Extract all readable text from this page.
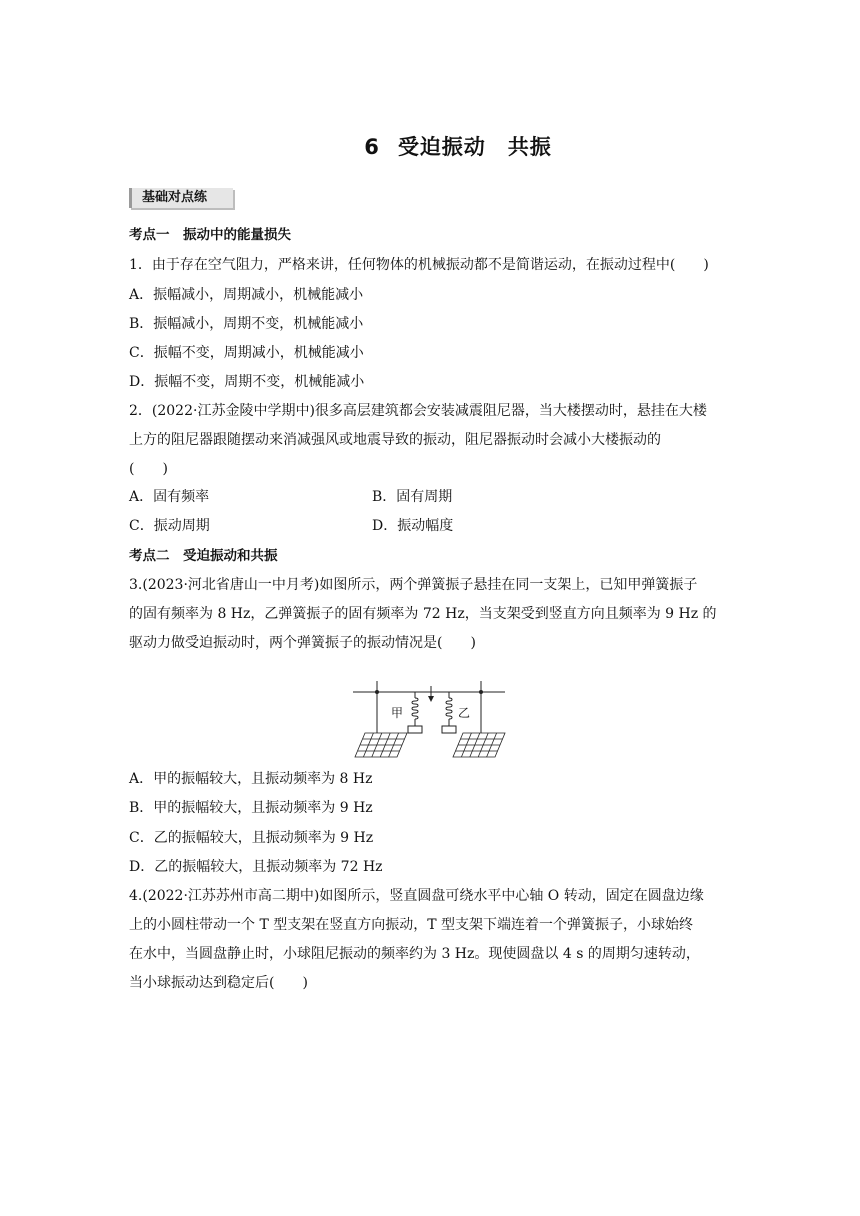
6 受迫振动　共振
基础对点练
考点一　振动中的能量损失
1．由于存在空气阻力，严格来讲，任何物体的机械振动都不是简谐运动，在振动过程中(　　)
A．振幅减小，周期减小，机械能减小
B．振幅减小，周期不变，机械能减小
C．振幅不变，周期减小，机械能减小
D．振幅不变，周期不变，机械能减小
2．(2022·江苏金陵中学期中)很多高层建筑都会安装减震阻尼器，当大楼摆动时，悬挂在大楼
上方的阻尼器跟随摆动来消减强风或地震导致的振动，阻尼器振动时会减小大楼振动的
(　　)
A．固有频率	B．固有周期
C．振动周期	D．振动幅度
考点二　受迫振动和共振
3.(2023·河北省唐山一中月考)如图所示，两个弹簧振子悬挂在同一支架上，已知甲弹簧振子
的固有频率为 8 Hz，乙弹簧振子的固有频率为 72 Hz，当支架受到竖直方向且频率为 9 Hz 的
驱动力做受迫振动时，两个弹簧振子的振动情况是(　　)
甲	乙
A．甲的振幅较大，且振动频率为 8 Hz
B．甲的振幅较大，且振动频率为 9 Hz
C．乙的振幅较大，且振动频率为 9 Hz
D．乙的振幅较大，且振动频率为 72 Hz
4.(2022·江苏苏州市高二期中)如图所示，竖直圆盘可绕水平中心轴 O 转动，固定在圆盘边缘
上的小圆柱带动一个 T 型支架在竖直方向振动，T 型支架下端连着一个弹簧振子，小球始终
在水中，当圆盘静止时，小球阻尼振动的频率约为 3 Hz。现使圆盘以 4 s 的周期匀速转动，
当小球振动达到稳定后(　　)
